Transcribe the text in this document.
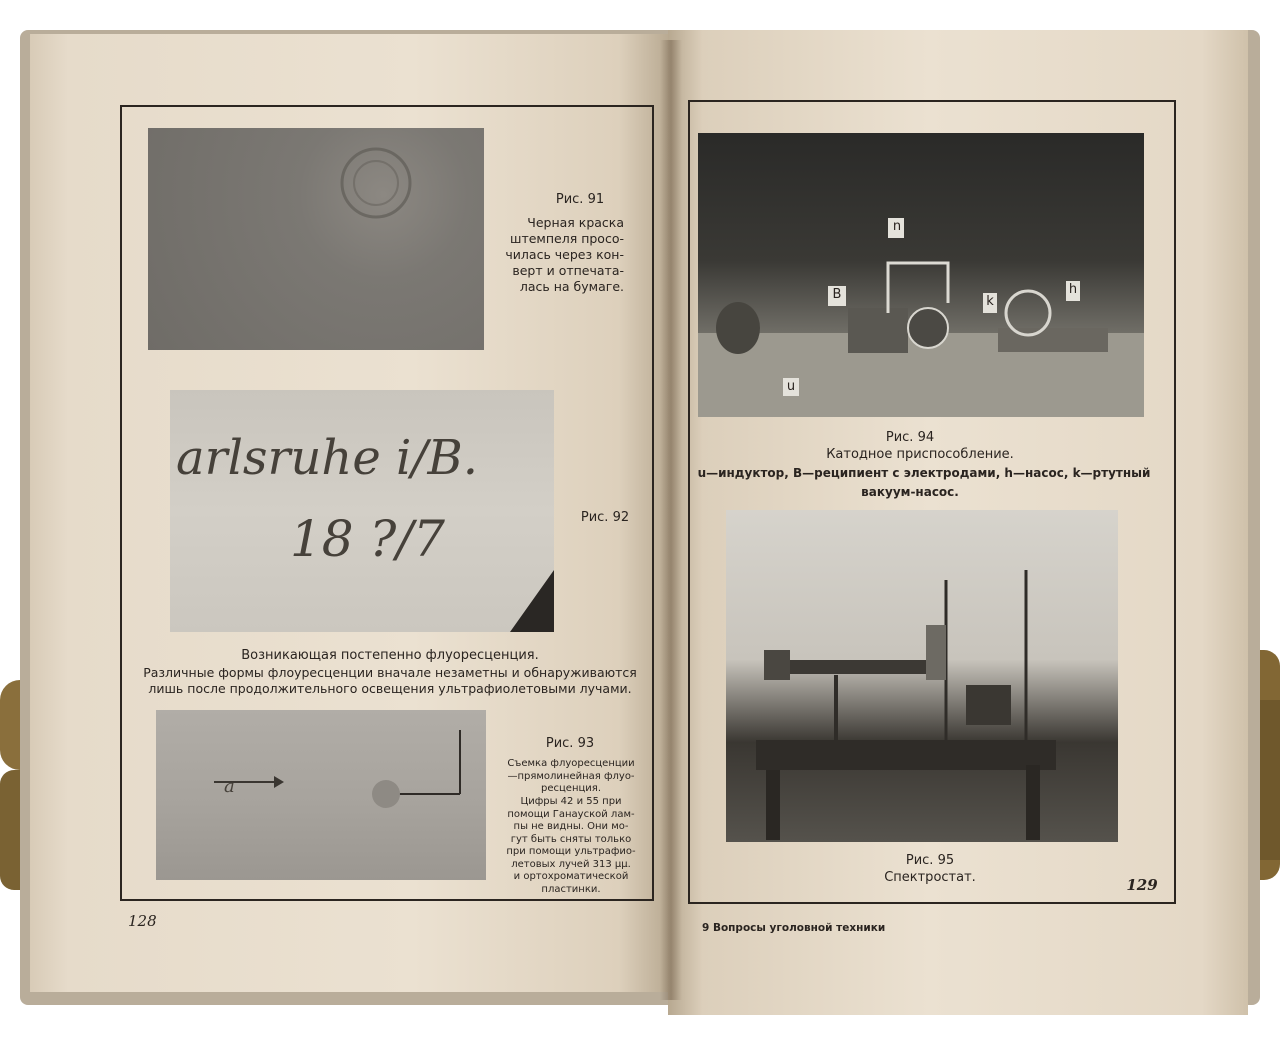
Рис. 91

Черная краска
штемпеля просо-
чилась через кон-
верт и отпечата-
лась на бумаге.

arlsruhe i/B.
18 ?/7	Рис. 92

Возникающая постепенно флуоресценция.

Различные формы флоуресценции вначале незаметны и обнаруживаются

лишь после продолжительного освещения ультрафиолетовыми лучами.

a

Рис. 93

Съемка флуоресценции
—прямолинейная флуо-
ресценция.

Цифры 42 и 55 при
помощи Ганауской лам-
пы не видны. Они мо-
гут быть сняты только
при помощи ультрафио-
летовых лучей 313 μμ.
и ортохроматической
пластинки.

128

n
B	k
h
u

Рис. 94

Катодное приспособление.

u—индуктор, B—реципиент с электродами, h—насос, k—ртутный

вакуум-насос.

Рис. 95

Спектростат.	129

9 Вопросы уголовной техники
